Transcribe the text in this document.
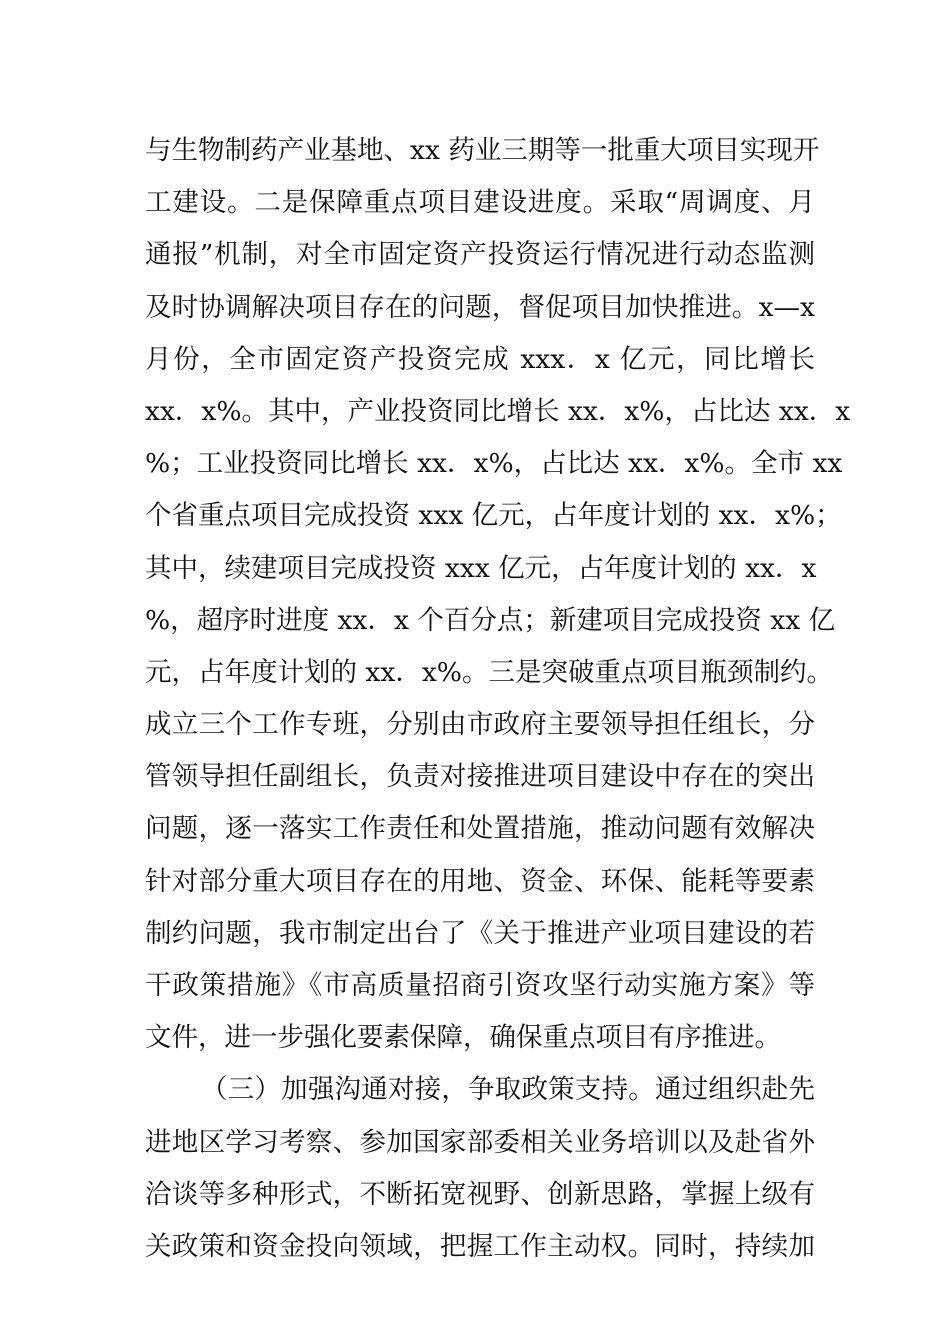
与生物制药产业基地、xx 药业三期等一批重大项目实现开
工建设。二是保障重点项目建设进度。采取“周调度、月
通报”机制，对全市固定资产投资运行情况进行动态监测
及时协调解决项目存在的问题，督促项目加快推进。x—x
月份，全市固定资产投资完成 xxx．x 亿元，同比增长
xx．x%。其中，产业投资同比增长 xx．x%，占比达 xx．x
%；工业投资同比增长 xx．x%，占比达 xx．x%。全市 xx
个省重点项目完成投资 xxx 亿元，占年度计划的 xx．x%；
其中，续建项目完成投资 xxx 亿元，占年度计划的 xx．x
%，超序时进度 xx．x 个百分点；新建项目完成投资 xx 亿
元，占年度计划的 xx．x%。三是突破重点项目瓶颈制约。
成立三个工作专班，分别由市政府主要领导担任组长，分
管领导担任副组长，负责对接推进项目建设中存在的突出
问题，逐一落实工作责任和处置措施，推动问题有效解决
针对部分重大项目存在的用地、资金、环保、能耗等要素
制约问题，我市制定出台了《关于推进产业项目建设的若
干政策措施》《市高质量招商引资攻坚行动实施方案》等
文件，进一步强化要素保障，确保重点项目有序推进。
（三）加强沟通对接，争取政策支持。通过组织赴先
进地区学习考察、参加国家部委相关业务培训以及赴省外
洽谈等多种形式，不断拓宽视野、创新思路，掌握上级有
关政策和资金投向领域，把握工作主动权。同时，持续加
